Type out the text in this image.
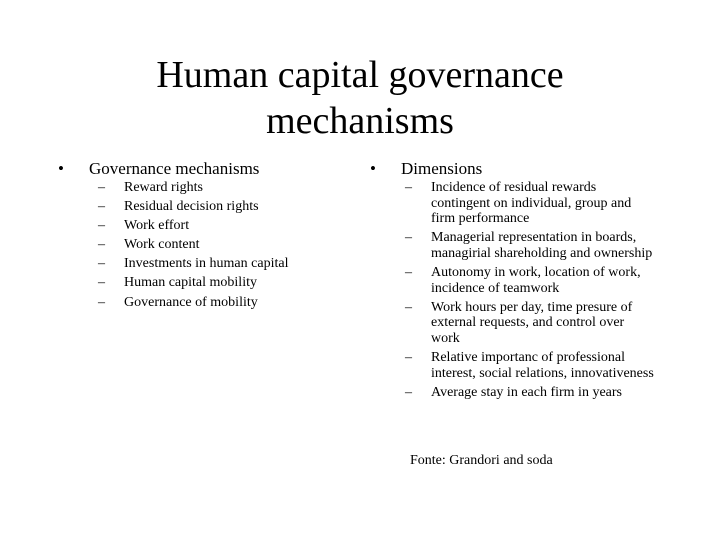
Human capital governance mechanisms
• Governance mechanisms
– Reward rights
– Residual decision rights
– Work effort
– Work content
– Investments in human capital
– Human capital mobility
– Governance of mobility
• Dimensions
– Incidence of residual rewards contingent on individual, group and firm performance
– Managerial representation in boards, managirial shareholding and ownership
– Autonomy in work, location of work, incidence of teamwork
– Work hours per day, time presure of external requests, and control over work
– Relative importanc of professional interest, social relations, innovativeness
– Average stay in each firm in years
Fonte: Grandori and soda
